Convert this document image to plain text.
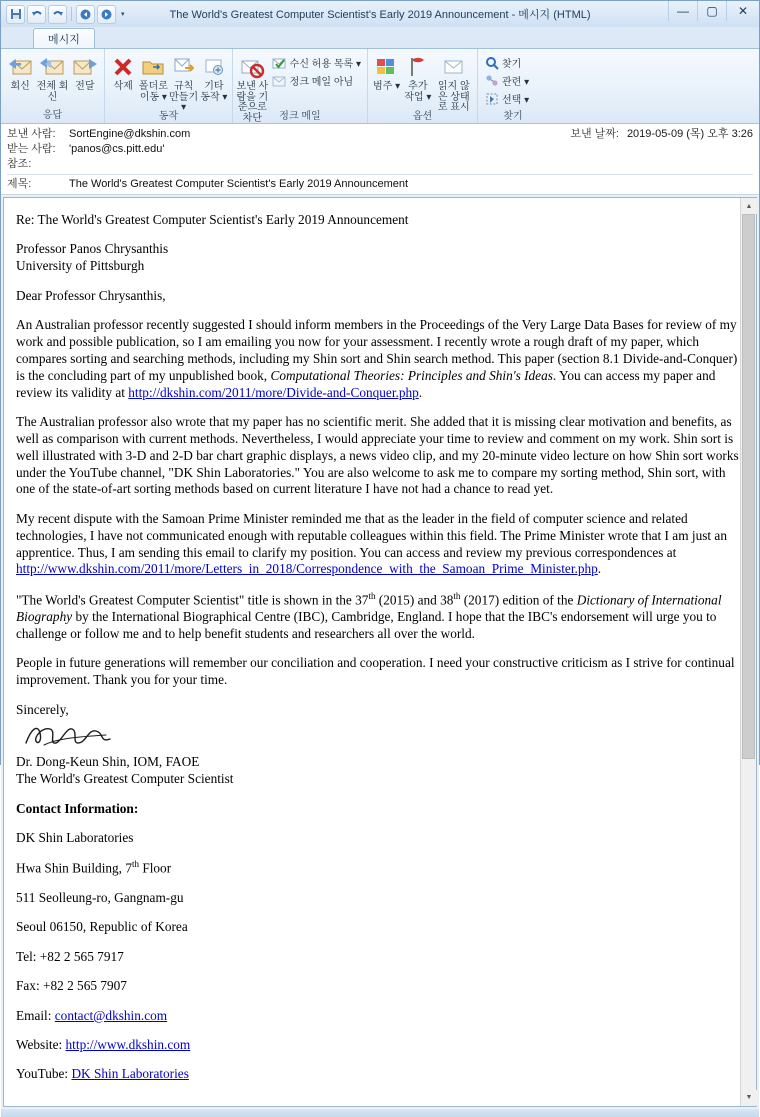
▾	The World's Greatest Computer Scientist's Early 2019 Announcement - 메시지 (HTML)	—	▢	✕
메시지
회신 전체 회신
전달
응답
삭제 폴더로 이동 ▾
규칙 만들기 ▾
기타 동작 ▾
동작
보낸 사람을 기준으로 차단
수신 허용 목록 ▾
정크 메일 아님
정크 메일
범주 ▾ 추가 작업 ▾
읽지 않은 상태로 표시
옵션
찾기
관련 ▾
선택 ▾
찾기
보낸 사람:	SortEngine@dkshin.com	보낸 날짜: 2019-05-09 (목) 오후 3:26
받는 사람:	'panos@cs.pitt.edu'
참조:
제목:	The World's Greatest Computer Scientist's Early 2019 Announcement

Re: The World's Greatest Computer Scientist's Early 2019 Announcement

Professor Panos Chrysanthis

University of Pittsburgh

Dear Professor Chrysanthis,

An Australian professor recently suggested I should inform members in the Proceedings of the Very Large Data Bases for review of my work and possible publication, so I am emailing you now for your assessment. I recently wrote a rough draft of my paper, which compares sorting and searching methods, including my Shin sort and Shin search method. This paper (section 8.1 Divide-and-Conquer) is the concluding part of my unpublished book, Computational Theories: Principles and Shin's Ideas. You can access my paper and review its validity at http://dkshin.com/2011/more/Divide-and-Conquer.php.

The Australian professor also wrote that my paper has no scientific merit. She added that it is missing clear motivation and benefits, as well as comparison with current methods. Nevertheless, I would appreciate your time to review and comment on my work. Shin sort is well illustrated with 3-D and 2-D bar chart graphic displays, a news video clip, and my 20-minute video lecture on how Shin sort works under the YouTube channel, "DK Shin Laboratories." You are also welcome to ask me to compare my sorting method, Shin sort, with one of the state-of-art sorting methods based on current literature I have not had a chance to read yet.

My recent dispute with the Samoan Prime Minister reminded me that as the leader in the field of computer science and related technologies, I have not communicated enough with reputable colleagues within this field. The Prime Minister wrote that I am just an apprentice. Thus, I am sending this email to clarify my position. You can access and review my previous correspondences at http://www.dkshin.com/2011/more/Letters_in_2018/Correspondence_with_the_Samoan_Prime_Minister.php.

"The World's Greatest Computer Scientist" title is shown in the 37th (2015) and 38th (2017) edition of the Dictionary of International Biography by the International Biographical Centre (IBC), Cambridge, England. I hope that the IBC's endorsement will urge you to challenge or follow me and to help benefit students and researchers all over the world.

People in future generations will remember our conciliation and cooperation. I need your constructive criticism as I strive for continual improvement. Thank you for your time.

Sincerely,

Dr. Dong-Keun Shin, IOM, FAOE

The World's Greatest Computer Scientist

Contact Information:

DK Shin Laboratories

Hwa Shin Building, 7th Floor

511 Seolleung-ro, Gangnam-gu

Seoul 06150, Republic of Korea

Tel: +82 2 565 7917

Fax: +82 2 565 7907

Email: contact@dkshin.com

Website: http://www.dkshin.com

YouTube: DK Shin Laboratories

▲
▼
